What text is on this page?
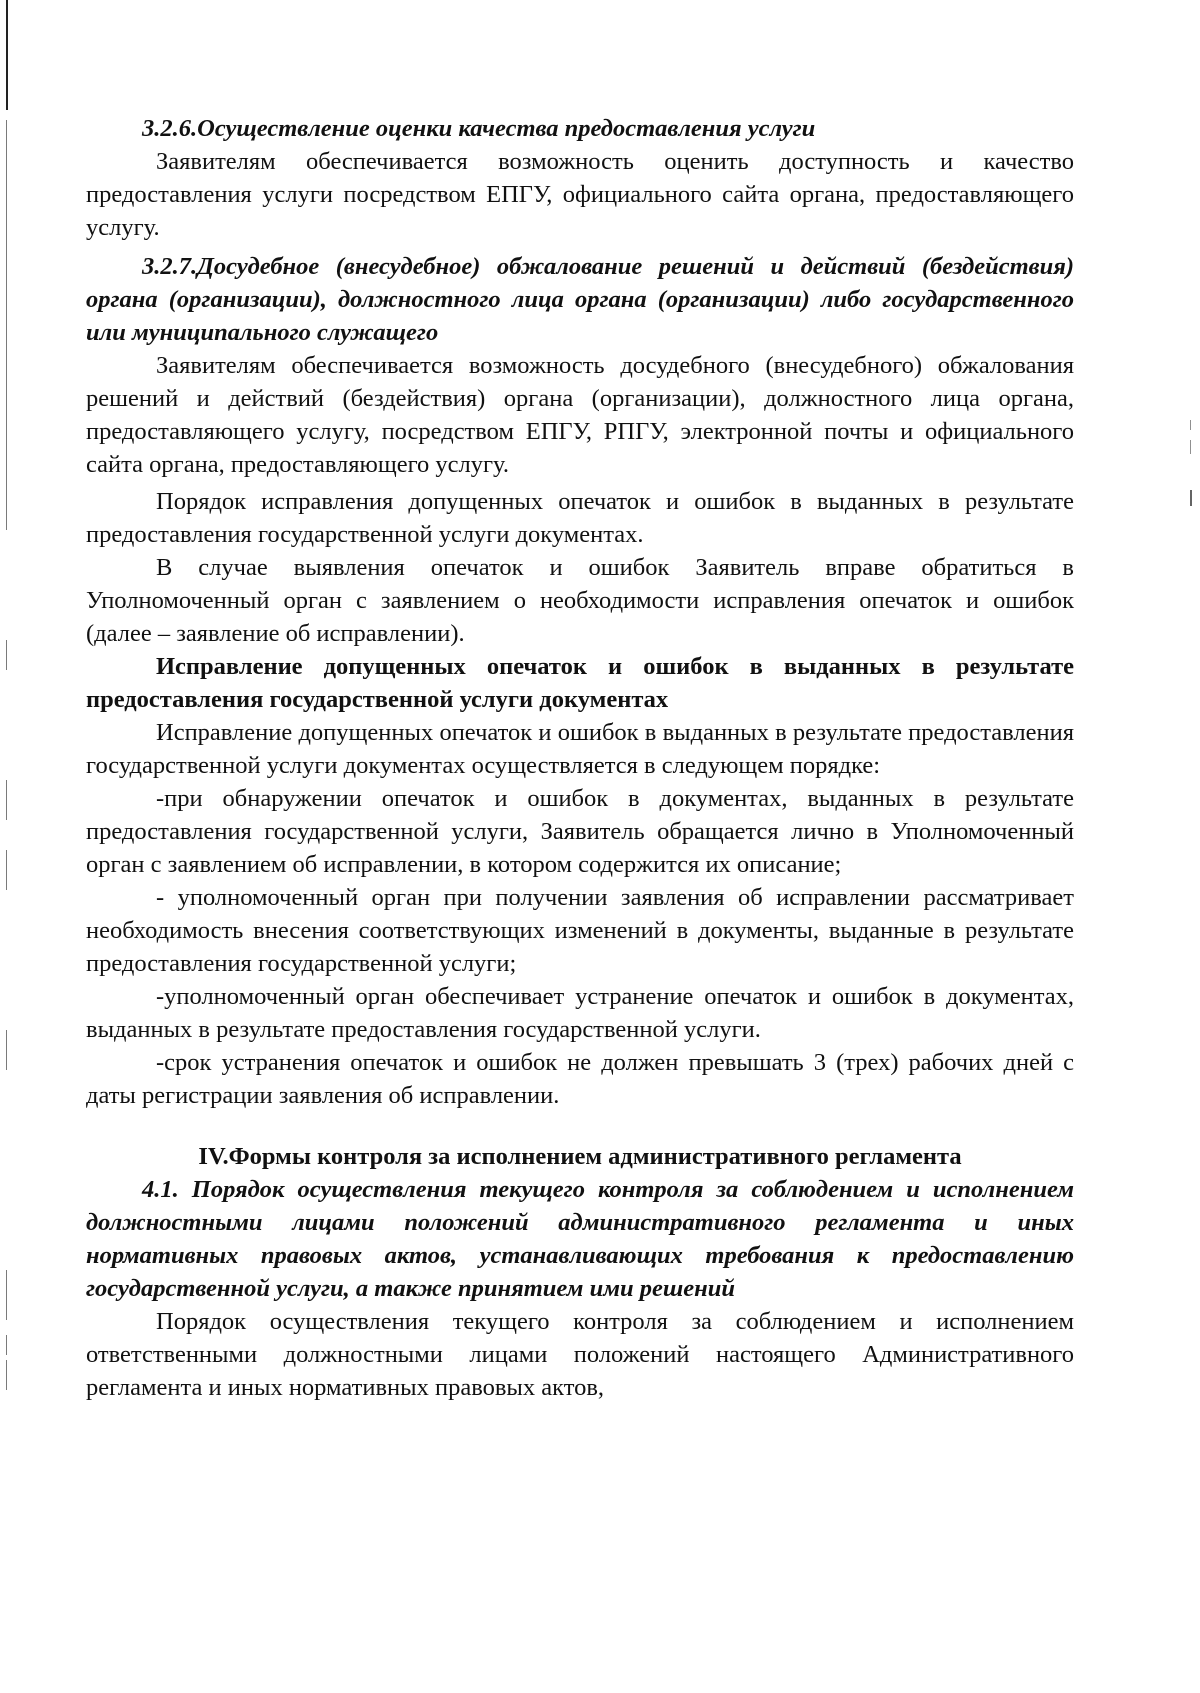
3.2.6.Осуществление оценки качества предоставления услуги

Заявителям обеспечивается возможность оценить доступность и качество предоставления услуги посредством ЕПГУ, официального сайта органа, предоставляющего услугу.

3.2.7.Досудебное (внесудебное) обжалование решений и действий (бездействия) органа (организации), должностного лица органа (организации) либо государственного или муниципального служащего

Заявителям обеспечивается возможность досудебного (внесудебного) обжалования решений и действий (бездействия) органа (организации), должностного лица органа, предоставляющего услугу, посредством ЕПГУ, РПГУ, электронной почты и официального сайта органа, предоставляющего услугу.

Порядок исправления допущенных опечаток и ошибок в выданных в результате предоставления государственной услуги документах.

В случае выявления опечаток и ошибок Заявитель вправе обратиться в Уполномоченный орган с заявлением о необходимости исправления опечаток и ошибок (далее – заявление об исправлении).

Исправление допущенных опечаток и ошибок в выданных в результате предоставления государственной услуги документах

Исправление допущенных опечаток и ошибок в выданных в результате предоставления государственной услуги документах осуществляется в следующем порядке:

-при обнаружении опечаток и ошибок в документах, выданных в результате предоставления государственной услуги, Заявитель обращается лично в Уполномоченный орган с заявлением об исправлении, в котором содержится их описание;

- уполномоченный орган при получении заявления об исправлении рассматривает необходимость внесения соответствующих изменений в документы, выданные в результате предоставления государственной услуги;

-уполномоченный орган обеспечивает устранение опечаток и ошибок в документах, выданных в результате предоставления государственной услуги.

-срок устранения опечаток и ошибок не должен превышать 3 (трех) рабочих дней с даты регистрации заявления об исправлении.

IV.Формы контроля за исполнением административного регламента

4.1. Порядок осуществления текущего контроля за соблюдением и исполнением должностными лицами положений административного регламента и иных нормативных правовых актов, устанавливающих требования к предоставлению государственной услуги, а также принятием ими решений

Порядок осуществления текущего контроля за соблюдением и исполнением ответственными должностными лицами положений настоящего Административного регламента и иных нормативных правовых актов,
